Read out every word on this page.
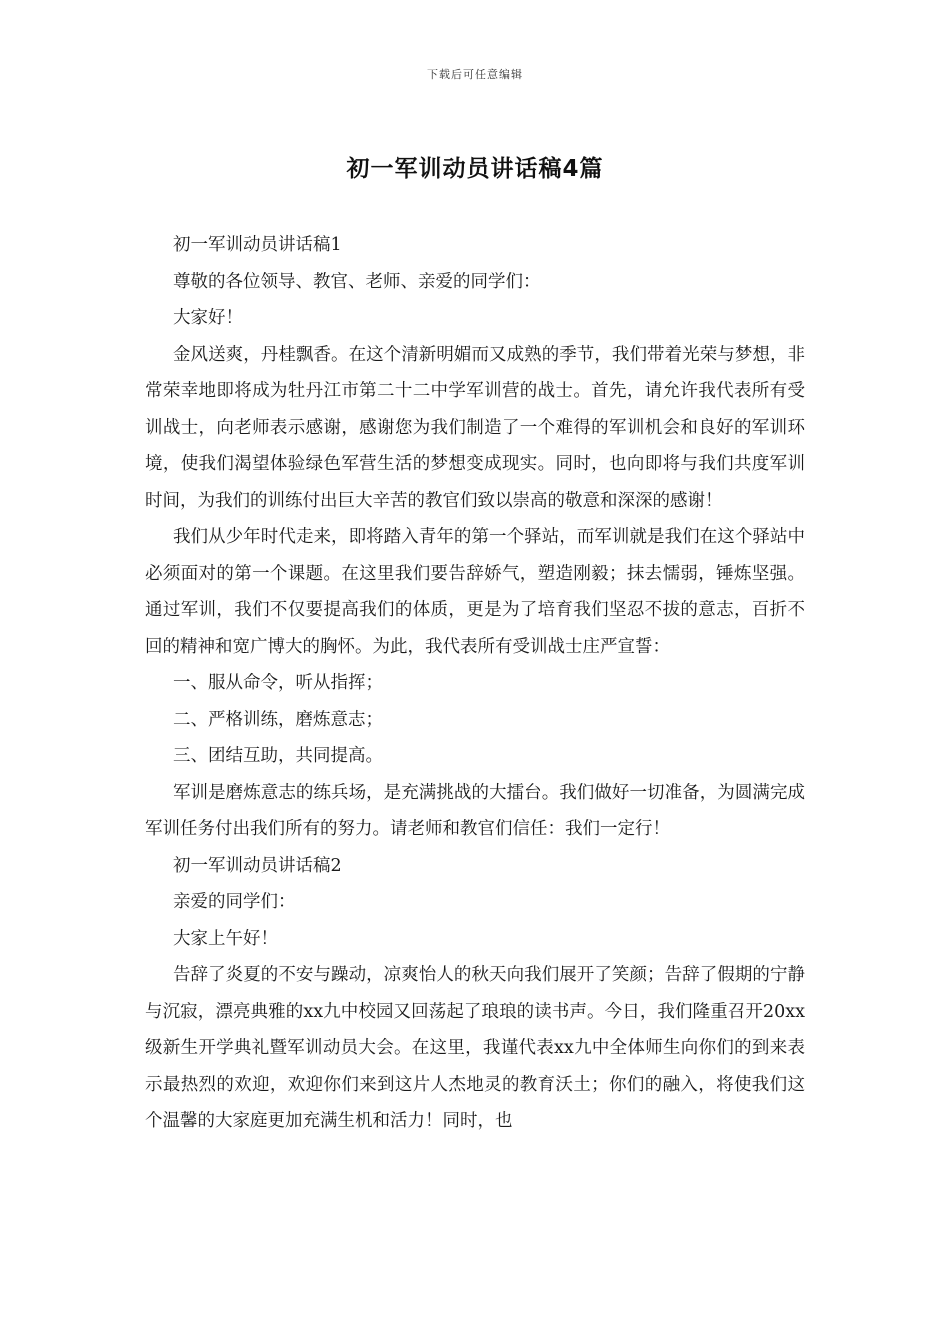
下载后可任意编辑
初一军训动员讲话稿4篇

初一军训动员讲话稿1

尊敬的各位领导、教官、老师、亲爱的同学们：

大家好！

金风送爽，丹桂飘香。在这个清新明媚而又成熟的季节，我们带着光荣与梦想，非常荣幸地即将成为牡丹江市第二十二中学军训营的战士。首先，请允许我代表所有受训战士，向老师表示感谢，感谢您为我们制造了一个难得的军训机会和良好的军训环境，使我们渴望体验绿色军营生活的梦想变成现实。同时，也向即将与我们共度军训时间，为我们的训练付出巨大辛苦的教官们致以崇高的敬意和深深的感谢！

我们从少年时代走来，即将踏入青年的第一个驿站，而军训就是我们在这个驿站中必须面对的第一个课题。在这里我们要告辞娇气，塑造刚毅；抹去懦弱，锤炼坚强。通过军训，我们不仅要提高我们的体质，更是为了培育我们坚忍不拔的意志，百折不回的精神和宽广博大的胸怀。为此，我代表所有受训战士庄严宣誓：

一、服从命令，听从指挥；

二、严格训练，磨炼意志；

三、团结互助，共同提高。

军训是磨炼意志的练兵场，是充满挑战的大擂台。我们做好一切准备，为圆满完成军训任务付出我们所有的努力。请老师和教官们信任：我们一定行！

初一军训动员讲话稿2

亲爱的同学们：

大家上午好！

告辞了炎夏的不安与躁动，凉爽怡人的秋天向我们展开了笑颜；告辞了假期的宁静与沉寂，漂亮典雅的xx九中校园又回荡起了琅琅的读书声。今日，我们隆重召开20xx级新生开学典礼暨军训动员大会。在这里，我谨代表xx九中全体师生向你们的到来表示最热烈的欢迎，欢迎你们来到这片人杰地灵的教育沃土；你们的融入，将使我们这个温馨的大家庭更加充满生机和活力！同时，也
